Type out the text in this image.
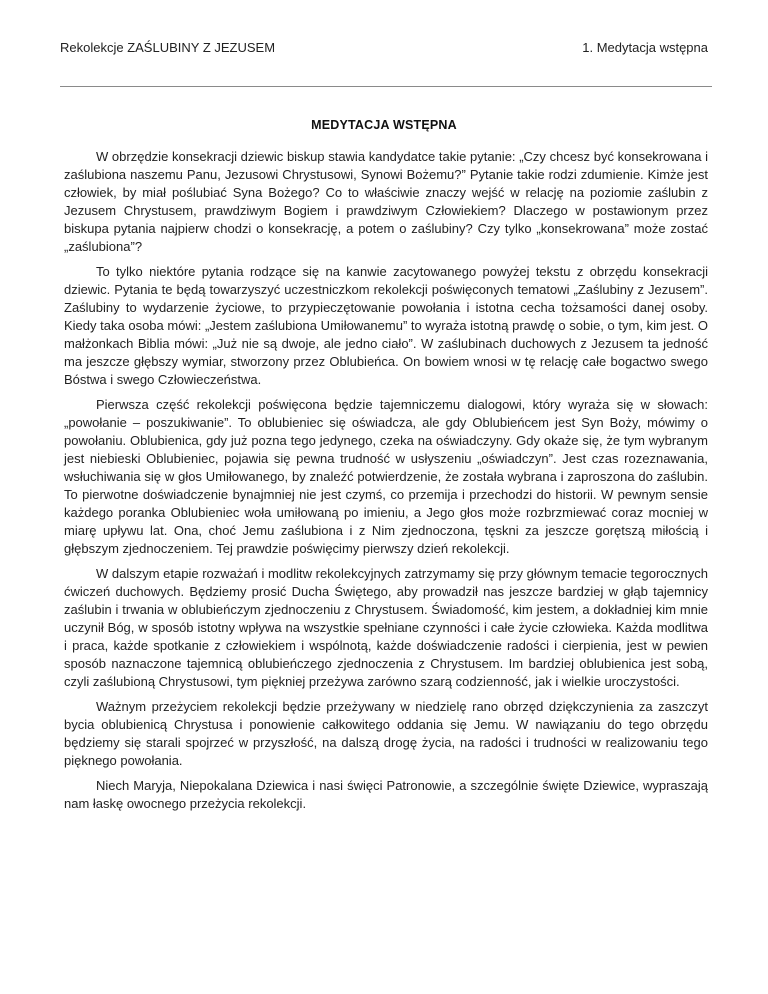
Rekolekcje ZAŚLUBINY Z JEZUSEM	1. Medytacja wstępna
MEDYTACJA WSTĘPNA

W obrzędzie konsekracji dziewic biskup stawia kandydatce takie pytanie: „Czy chcesz być konsekrowana i zaślubiona naszemu Panu, Jezusowi Chrystusowi, Synowi Bożemu?” Pytanie takie rodzi zdumienie. Kimże jest człowiek, by miał poślubiać Syna Bożego? Co to właściwie znaczy wejść w relację na poziomie zaślubin z Jezusem Chrystusem, prawdziwym Bogiem i prawdziwym Człowiekiem? Dlaczego w postawionym przez biskupa pytania najpierw chodzi o konsekrację, a potem o zaślubiny? Czy tylko „konsekrowana” może zostać „zaślubiona”?

To tylko niektóre pytania rodzące się na kanwie zacytowanego powyżej tekstu z obrzędu konsekracji dziewic. Pytania te będą towarzyszyć uczestniczkom rekolekcji poświęconych tematowi „Zaślubiny z Jezusem”. Zaślubiny to wydarzenie życiowe, to przypieczętowanie powołania i istotna cecha tożsamości danej osoby. Kiedy taka osoba mówi: „Jestem zaślubiona Umiłowanemu” to wyraża istotną prawdę o sobie, o tym, kim jest. O małżonkach Biblia mówi: „Już nie są dwoje, ale jedno ciało”. W zaślubinach duchowych z Jezusem ta jedność ma jeszcze głębszy wymiar, stworzony przez Oblubieńca. On bowiem wnosi w tę relację całe bogactwo swego Bóstwa i swego Człowieczeństwa.

Pierwsza część rekolekcji poświęcona będzie tajemniczemu dialogowi, który wyraża się w słowach: „powołanie – poszukiwanie”. To oblubieniec się oświadcza, ale gdy Oblubieńcem jest Syn Boży, mówimy o powołaniu. Oblubienica, gdy już pozna tego jedynego, czeka na oświadczyny. Gdy okaże się, że tym wybranym jest niebieski Oblubieniec, pojawia się pewna trudność w usłyszeniu „oświadczyn”. Jest czas rozeznawania, wsłuchiwania się w głos Umiłowanego, by znaleźć potwierdzenie, że została wybrana i zaproszona do zaślubin. To pierwotne doświadczenie bynajmniej nie jest czymś, co przemija i przechodzi do historii. W pewnym sensie każdego poranka Oblubieniec woła umiłowaną po imieniu, a Jego głos może rozbrzmiewać coraz mocniej w miarę upływu lat. Ona, choć Jemu zaślubiona i z Nim zjednoczona, tęskni za jeszcze gorętszą miłością i głębszym zjednoczeniem. Tej prawdzie poświęcimy pierwszy dzień rekolekcji.

W dalszym etapie rozważań i modlitw rekolekcyjnych zatrzymamy się przy głównym temacie tegorocznych ćwiczeń duchowych. Będziemy prosić Ducha Świętego, aby prowadził nas jeszcze bardziej w głąb tajemnicy zaślubin i trwania w oblubieńczym zjednoczeniu z Chrystusem. Świadomość, kim jestem, a dokładniej kim mnie uczynił Bóg, w sposób istotny wpływa na wszystkie spełniane czynności i całe życie człowieka. Każda modlitwa i praca, każde spotkanie z człowiekiem i wspólnotą, każde doświadczenie radości i cierpienia, jest w pewien sposób naznaczone tajemnicą oblubieńczego zjednoczenia z Chrystusem. Im bardziej oblubienica jest sobą, czyli zaślubioną Chrystusowi, tym piękniej przeżywa zarówno szarą codzienność, jak i wielkie uroczystości.

Ważnym przeżyciem rekolekcji będzie przeżywany w niedzielę rano obrzęd dziękczynienia za zaszczyt bycia oblubienicą Chrystusa i ponowienie całkowitego oddania się Jemu. W nawiązaniu do tego obrzędu będziemy się starali spojrzeć w przyszłość, na dalszą drogę życia, na radości i trudności w realizowaniu tego pięknego powołania.

Niech Maryja, Niepokalana Dziewica i nasi święci Patronowie, a szczególnie święte Dziewice, wypraszają nam łaskę owocnego przeżycia rekolekcji.
